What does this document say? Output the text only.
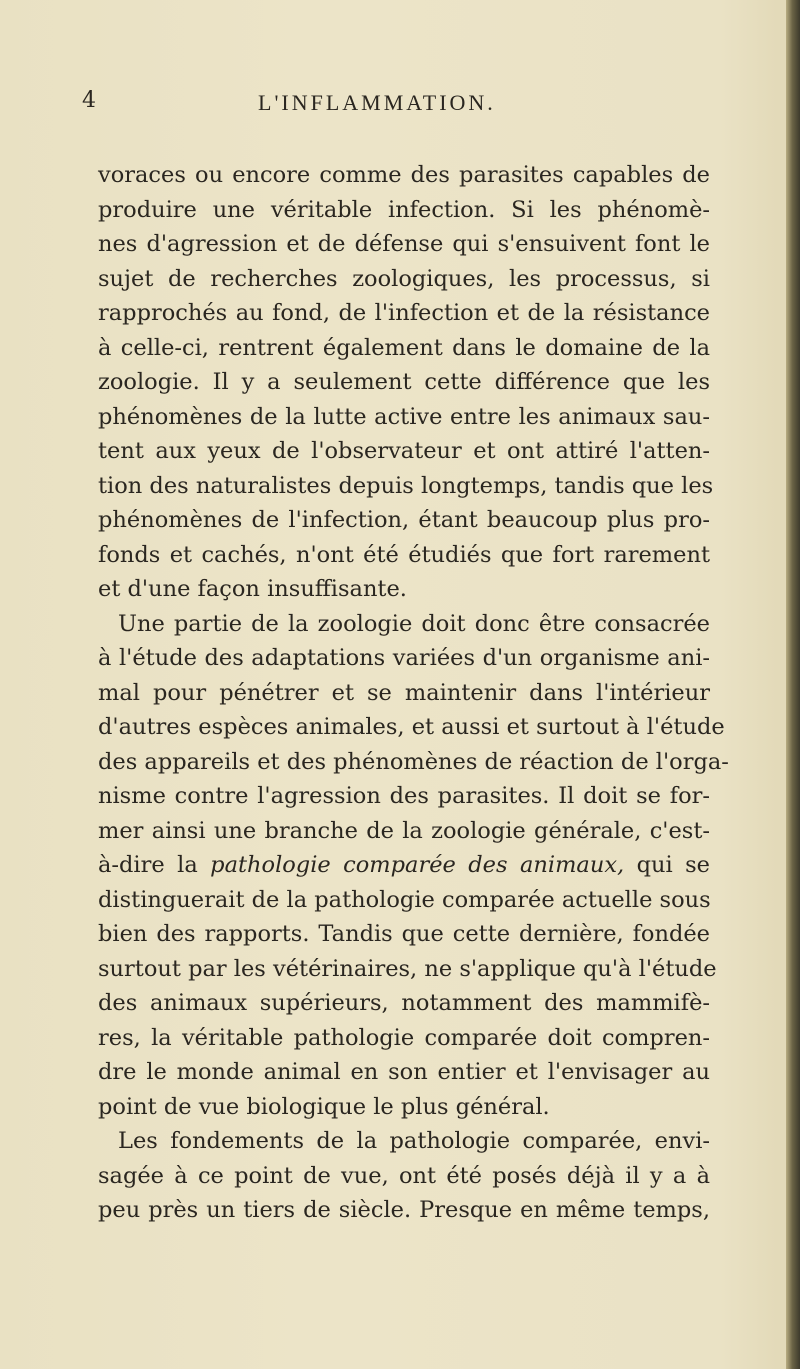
4	L'INFLAMMATION.
voraces ou encore comme des parasites capables de
produire une véritable infection. Si les phénomè-
nes d'agression et de défense qui s'ensuivent font le
sujet de recherches zoologiques, les processus, si
rapprochés au fond, de l'infection et de la résistance
à celle-ci, rentrent également dans le domaine de la
zoologie. Il y a seulement cette différence que les
phénomènes de la lutte active entre les animaux sau-
tent aux yeux de l'observateur et ont attiré l'atten-
tion des naturalistes depuis longtemps, tandis que les
phénomènes de l'infection, étant beaucoup plus pro-
fonds et cachés, n'ont été étudiés que fort rarement
et d'une façon insuffisante.
Une partie de la zoologie doit donc être consacrée
à l'étude des adaptations variées d'un organisme ani-
mal pour pénétrer et se maintenir dans l'intérieur
d'autres espèces animales, et aussi et surtout à l'étude
des appareils et des phénomènes de réaction de l'orga-
nisme contre l'agression des parasites. Il doit se for-
mer ainsi une branche de la zoologie générale, c'est-
à-dire la pathologie comparée des animaux, qui se
distinguerait de la pathologie comparée actuelle sous
bien des rapports. Tandis que cette dernière, fondée
surtout par les vétérinaires, ne s'applique qu'à l'étude
des animaux supérieurs, notamment des mammifè-
res, la véritable pathologie comparée doit compren-
dre le monde animal en son entier et l'envisager au
point de vue biologique le plus général.
Les fondements de la pathologie comparée, envi-
sagée à ce point de vue, ont été posés déjà il y a à
peu près un tiers de siècle. Presque en même temps,
